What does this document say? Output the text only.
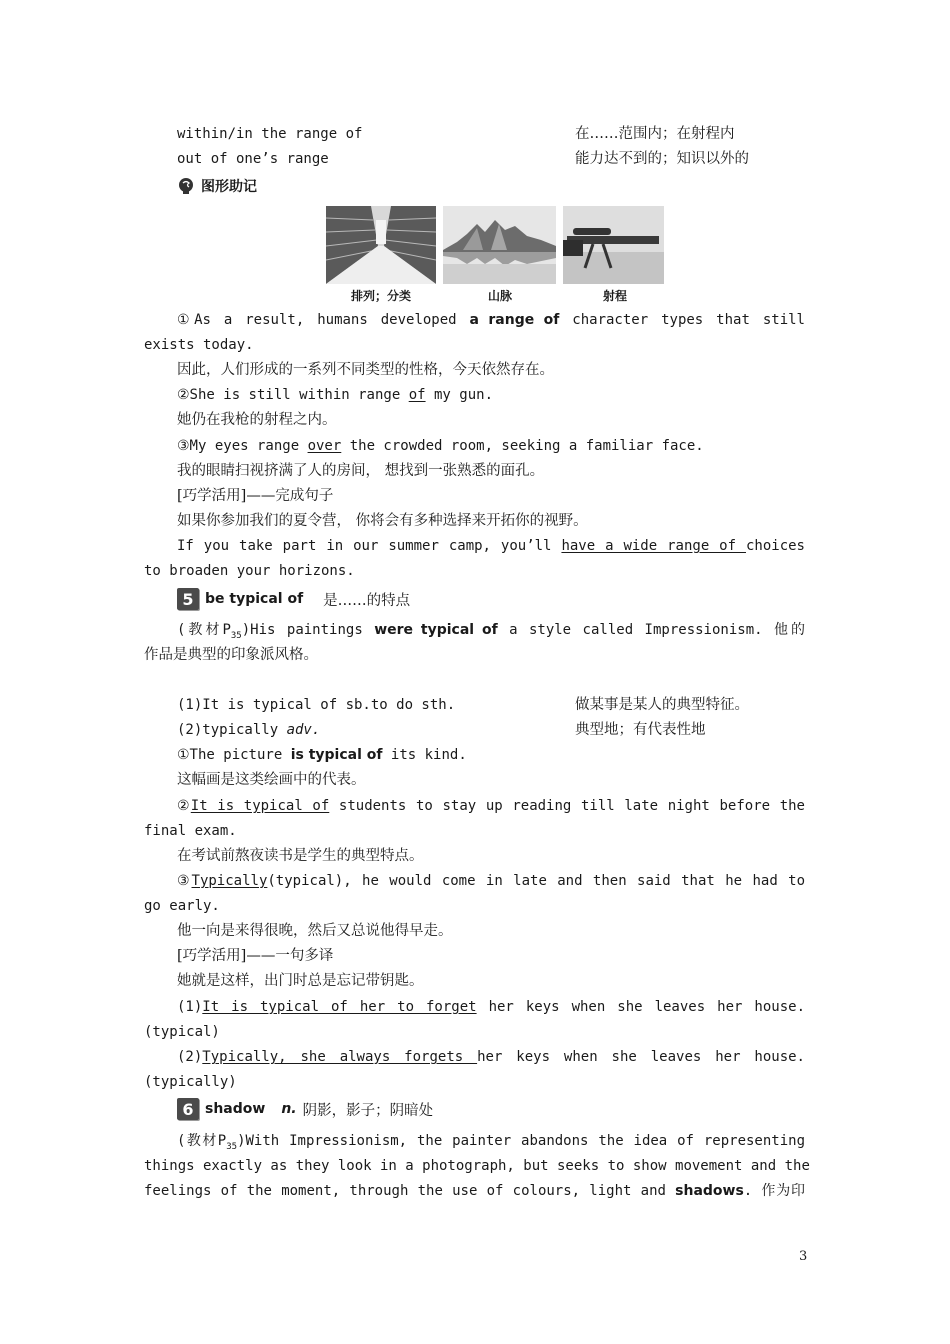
within/in the range of	在……范围内；在射程内
out of one’s range	能力达不到的；知识以外的
图形助记
排列；分类	山脉	射程
①As a result, humans developed a range of character types that still
exists today.
因此，人们形成的一系列不同类型的性格，今天依然存在。
②She is still within range of my gun.
她仍在我枪的射程之内。
③My eyes range over the crowded room, seeking a familiar face.
我的眼睛扫视挤满了人的房间， 想找到一张熟悉的面孔。
[巧学活用]——完成句子
如果你参加我们的夏令营， 你将会有多种选择来开拓你的视野。
If you take part in our summer camp, you’ll have a wide range of choices
to broaden your horizons.
5 be typical of 是……的特点
(教材$P_{35})His$ paintings were typical of a style called Impressionism. 他的
作品是典型的印象派风格。
(1)It is typical of sb.to do sth.	做某事是某人的典型特征。
(2)typically adv.	典型地；有代表性地
①The picture is typical of its kind.
这幅画是这类绘画中的代表。
②It is typical of students to stay up reading till late night before the
final exam.
在考试前熬夜读书是学生的典型特点。
③Typically(typical), he would come in late and then said that he had to
go early.
他一向是来得很晚，然后又总说他得早走。
[巧学活用]——一句多译
她就是这样，出门时总是忘记带钥匙。
(1)It is typical of her to forget her keys when she leaves her house.
(typical)
(2)Typically, she always forgets her keys when she leaves her house.
(typically)
6 shadow n. 阴影，影子；阴暗处
(教材$P_{35})With$ Impressionism, the painter abandons the idea of representing
things exactly as they look in a photograph, but seeks to show movement and the
feelings of the moment, through the use of colours, light and shadows. 作为印
3
